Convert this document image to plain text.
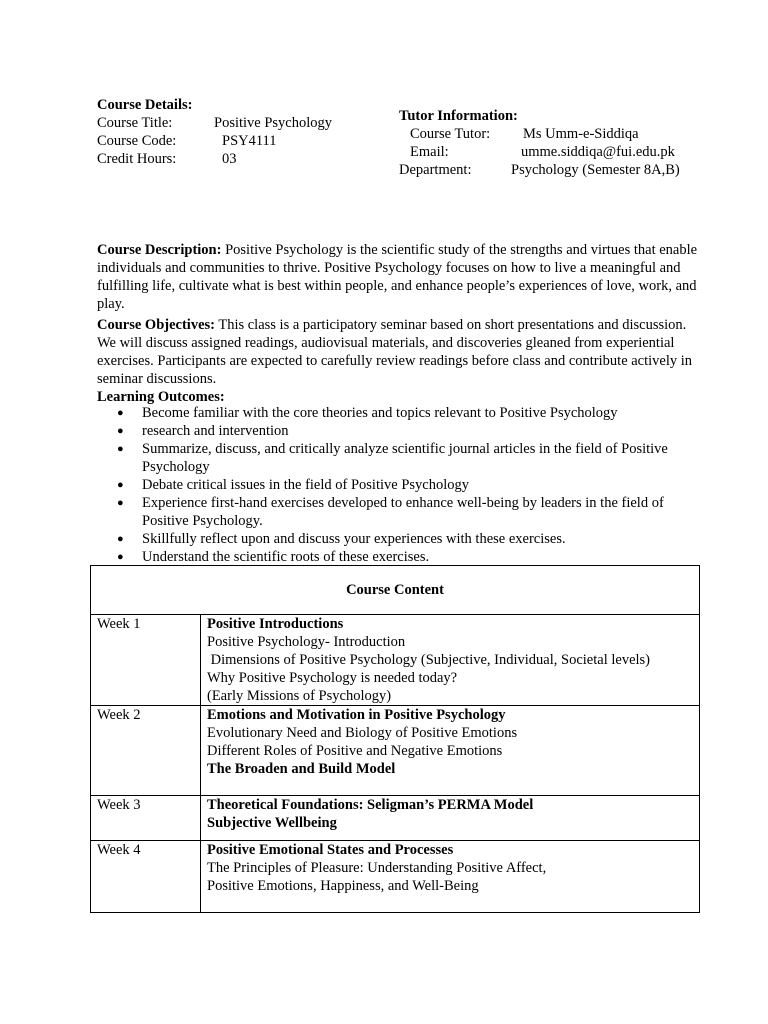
Course Details:
Course Title:	Positive Psychology
Course Code:	PSY4111
Credit Hours:	03
Tutor Information:
Course Tutor: Ms Umm-e-Siddiqa
Email:	umme.siddiqa@fui.edu.pk
Department:	Psychology (Semester 8A,B)

Course Description: Positive Psychology is the scientific study of the strengths and virtues that enable individuals and communities to thrive. Positive Psychology focuses on how to live a meaningful and fulfilling life, cultivate what is best within people, and enhance people’s experiences of love, work, and play.

Course Objectives: This class is a participatory seminar based on short presentations and discussion. We will discuss assigned readings, audiovisual materials, and discoveries gleaned from experiential exercises. Participants are expected to carefully review readings before class and contribute actively in seminar discussions.

Learning Outcomes:
● Become familiar with the core theories and topics relevant to Positive Psychology
● research and intervention
● Summarize, discuss, and critically analyze scientific journal articles in the field of Positive Psychology
● Debate critical issues in the field of Positive Psychology
● Experience first-hand exercises developed to enhance well-being by leaders in the field of Positive Psychology.
● Skillfully reflect upon and discuss your experiences with these exercises.
● Understand the scientific roots of these exercises.
Course Content	
Week 1	Positive Introductions
Positive Psychology- Introduction
Dimensions of Positive Psychology (Subjective, Individual, Societal levels)
Why Positive Psychology is needed today?
(Early Missions of Psychology)

Week 2	Emotions and Motivation in Positive Psychology
Evolutionary Need and Biology of Positive Emotions
Different Roles of Positive and Negative Emotions
The Broaden and Build Model

Week 3	Theoretical Foundations: Seligman’s PERMA Model
Subjective Wellbeing

Week 4	Positive Emotional States and Processes
The Principles of Pleasure: Understanding Positive Affect,
Positive Emotions, Happiness, and Well-Being
